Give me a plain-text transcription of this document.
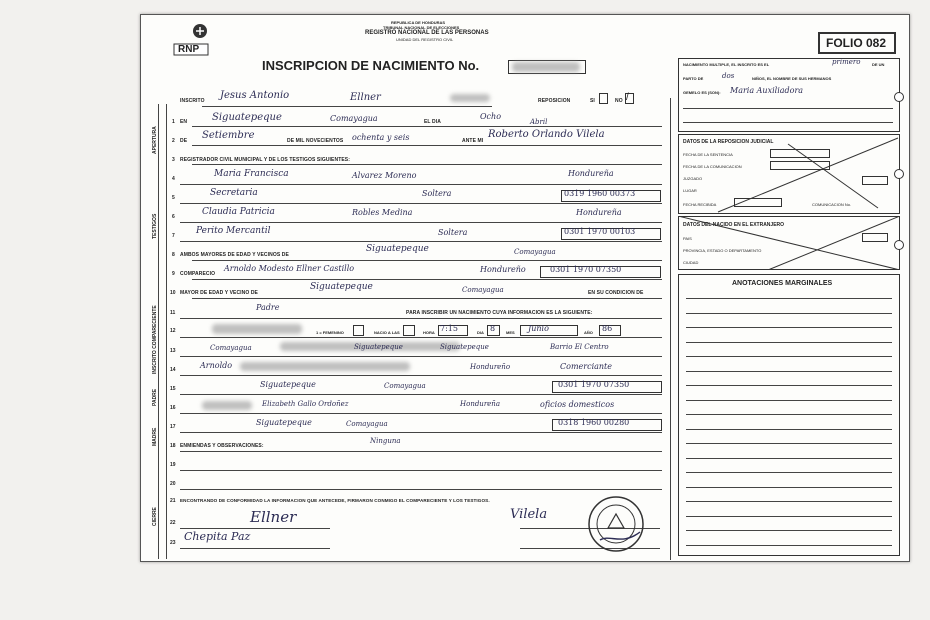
RNP
REPUBLICA DE HONDURAS
TRIBUNAL NACIONAL DE ELECCIONES
REGISTRO NACIONAL DE LAS PERSONAS
UNIDAD DEL REGISTRO CIVIL
INSCRIPCION DE NACIMIENTO No.
FOLIO 082
APERTURA
TESTIGOS
INSCRITO COMPARECIENTE
PADRE
MADRE
CIERRE
INSCRITO Jesus Antonio	Ellner	REPOSICION	SI	NO /
1 EN Siguatepeque	Comayagua	EL DIA
Ocho
Abril
2 DE Setiembre	DE MIL NOVECIENTOS ochenta y seis	ANTE MI
Roberto Orlando Vilela
3 REGISTRADOR CIVIL MUNICIPAL Y DE LOS TESTIGOS SIGUIENTES:
4	Maria Francisca	Alvarez Moreno	Hondureña
5	Secretaria	Soltera	0319 1960 00373
6	Claudia Patricia	Robles Medina	Hondureña
7 Perito Mercantil	Soltera	0301 1970 00103
8 AMBOS MAYORES DE EDAD Y VECINOS DE
Siguatepeque	Comayagua
9 COMPARECIO
Arnoldo Modesto Ellner Castillo	Hondureño	0301 1970 07350
10 MAYOR DE EDAD Y VECINO DE
Siguatepeque	Comayagua	EN SU CONDICION DE
11
Padre
PARA INSCRIBIR UN NACIMIENTO CUYA INFORMACION ES LA SIGUIENTE:
12	1 = FEMENINO	NACIO A LAS	HORA 7:15	DIA 8	MES Junio	AÑO 86
13	Comayagua	Siguatepeque	Siguatepeque	Barrio El Centro
14	Arnoldo	Hondureño	Comerciante
15	Siguatepeque	Comayagua	0301 1970 07350
16	Elizabeth Gallo Ordoñez	Hondureña	oficios domesticos
17	Siguatepeque	Comayagua	0318 1960 00280
18 ENMIENDAS Y OBSERVACIONES:
Ninguna
19
20
21 ENCONTRANDO DE CONFORMIDAD LA INFORMACION QUE ANTECEDE, FIRMARON CONMIGO EL COMPARECIENTE Y LOS TESTIGOS.
22
23
Ellner
Chepita Paz
Vilela
NACIMIENTO MULTIPLE, EL INSCRITO ES EL	primero	DE UN
PARTO DE	dos	NIÑOS, EL NOMBRE DE SUS HERMANOS
GEMELO ES (SON): Maria Auxiliadora
DATOS DE LA REPOSICION JUDICIAL
FECHA DE LA SENTENCIA
FECHA DE LA COMUNICACION
JUZGADO
LUGAR
FECHA RECIBIDA	COMUNICACION No.
DATOS DEL NACIDO EN EL EXTRANJERO
PAIS
PROVINCIA, ESTADO O DEPARTAMENTO
CIUDAD
ANOTACIONES MARGINALES
